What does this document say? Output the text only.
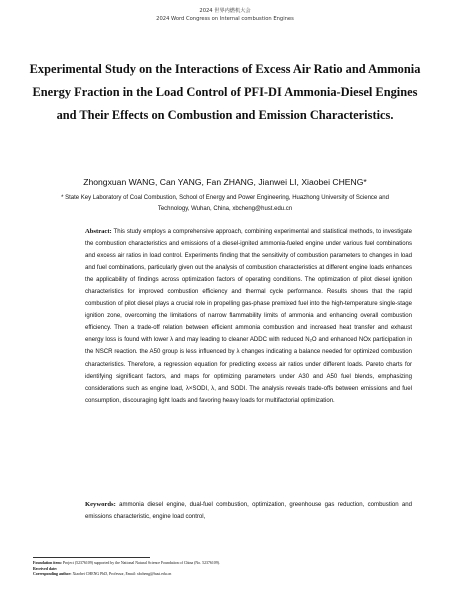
2024 世界内燃机大会
2024 Word Congress on Internal combustion Engines
Experimental Study on the Interactions of Excess Air Ratio and Ammonia Energy Fraction in the Load Control of PFI-DI Ammonia-Diesel Engines and Their Effects on Combustion and Emission Characteristics.
Zhongxuan WANG, Can YANG, Fan ZHANG, Jianwei LI, Xiaobei CHENG*
* State Key Laboratory of Coal Combustion, School of Energy and Power Engineering, Huazhong University of Science and Technology, Wuhan, China, xbcheng@hust.edu.cn
Abstract: This study employs a comprehensive approach, combining experimental and statistical methods, to investigate the combustion characteristics and emissions of a diesel-ignited ammonia-fueled engine under various fuel combinations and excess air ratios in load control. Experiments finding that the sensitivity of combustion parameters to changes in load and fuel combinations, particularly given out the analysis of combustion characteristics at different engine loads enhances the applicability of findings across optimization factors of operating conditions. The optimization of pilot diesel ignition characteristics for improved combustion efficiency and thermal cycle performance. Results shows that the rapid combustion of pilot diesel plays a crucial role in propelling gas-phase premixed fuel into the high-temperature single-stage ignition zone, overcoming the limitations of narrow flammability limits of ammonia and enhancing overall combustion efficiency. Then a trade-off relation between efficient ammonia combustion and increased heat transfer and exhaust energy loss is found with lower λ and may leading to cleaner ADDC with reduced N₂O and enhanced NOx participation in the NSCR reaction. the A50 group is less influenced by λ changes indicating a balance needed for optimized combustion characteristics. Therefore, a regression equation for predicting excess air ratios under different loads. Pareto charts for identifying significant factors, and maps for optimizing parameters under A30 and A50 fuel blends, emphasizing considerations such as engine load, λ×SODI, λ, and SODI. The analysis reveals trade-offs between emissions and fuel consumption, discouraging light loads and favoring heavy loads for multifactorial optimization.
Keywords: ammonia diesel engine, dual-fuel combustion, optimization, greenhouse gas reduction, combustion and emissions characteristic, engine load control,
Foundation item: Project (52376109) supported by the National Natural Science Foundation of China (No. 52376109).
Received date:
Corresponding author: Xiaobei CHENG PhD, Professor, Email: xbcheng@hust.edu.cn
